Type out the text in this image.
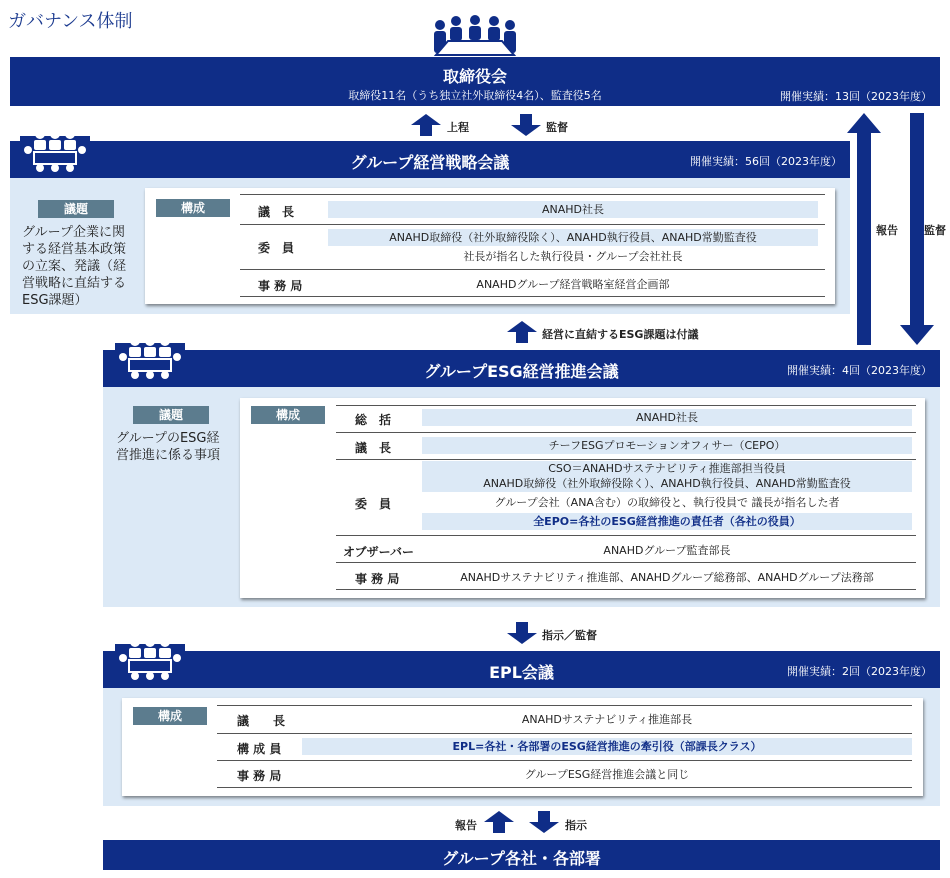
ガバナンス体制
取締役会
取締役11名（うち独立社外取締役4名）、監査役5名	開催実績：13回（2023年度）
上程	監督
報告 監督
グループ経営戦略会議	開催実績：56回（2023年度）
議題
グループ企業に関する経営基本政策の立案、発議（経営戦略に直結するESG課題）
構成	議　長	ANAHD社長
委　員
ANAHD取締役（社外取締役除く）、ANAHD執行役員、ANAHD常勤監査役
社長が指名した執行役員・グループ会社社長
事 務 局	ANAHDグループ経営戦略室経営企画部
経営に直結するESG課題は付議
グループESG経営推進会議	開催実績：4回（2023年度）
議題
グループのESG経営推進に係る事項
構成	総　括	ANAHD社長
議　長	チーフESGプロモーションオフィサー（CEPO）
委　員
CSO＝ANAHDサステナビリティ推進部担当役員
ANAHD取締役（社外取締役除く）、ANAHD執行役員、ANAHD常勤監査役
グループ会社（ANA含む）の取締役と、執行役員で 議長が指名した者
全EPO=各社のESG経営推進の責任者（各社の役員）
オブザーバー	ANAHDグループ監査部長
事 務 局	ANAHDサステナビリティ推進部、ANAHDグループ総務部、ANAHDグループ法務部
指示／監督
EPL会議	開催実績：2回（2023年度）
構成	議　　長	ANAHDサステナビリティ推進部長
構 成 員	EPL=各社・各部署のESG経営推進の牽引役（部課長クラス）
事 務 局	グループESG経営推進会議と同じ
報告	指示
グループ各社・各部署
